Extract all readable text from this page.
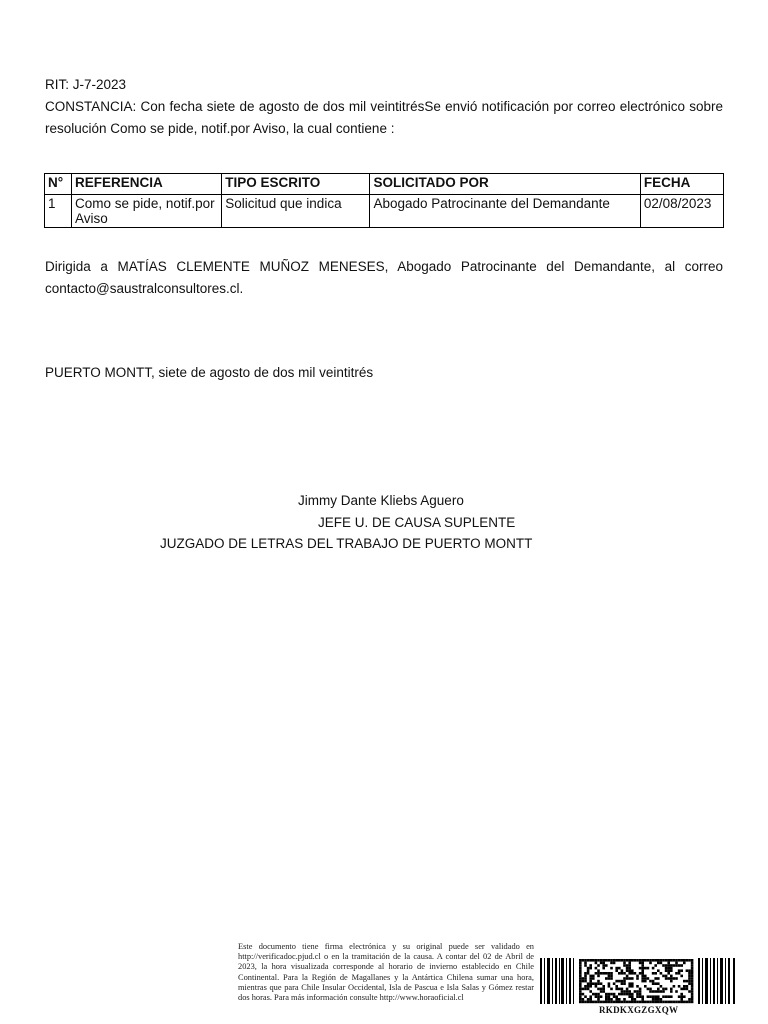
RIT: J-7-2023
CONSTANCIA: Con fecha siete de agosto de dos mil veintitrésSe envió notificación por correo electrónico sobre resolución Como se pide, notif.por Aviso, la cual contiene :
N°	REFERENCIA	TIPO ESCRITO	SOLICITADO POR	FECHA
1	Como se pide, notif.por Aviso	Solicitud que indica	Abogado Patrocinante del Demandante	02/08/2023
Dirigida a MATÍAS CLEMENTE MUÑOZ MENESES, Abogado Patrocinante del Demandante, al correo contacto@saustralconsultores.cl.
PUERTO MONTT, siete de agosto de dos mil veintitrés
Jimmy Dante Kliebs Aguero
JEFE U. DE CAUSA SUPLENTE
JUZGADO DE LETRAS DEL TRABAJO DE PUERTO MONTT
Este documento tiene firma electrónica y su original puede ser validado en http://verificadoc.pjud.cl o en la tramitación de la causa. A contar del 02 de Abril de 2023, la hora visualizada corresponde al horario de invierno establecido en Chile Continental. Para la Región de Magallanes y la Antártica Chilena sumar una hora, mientras que para Chile Insular Occidental, Isla de Pascua e Isla Salas y Gómez restar dos horas. Para más información consulte http://www.horaoficial.cl
RKDKXGZGXQW
